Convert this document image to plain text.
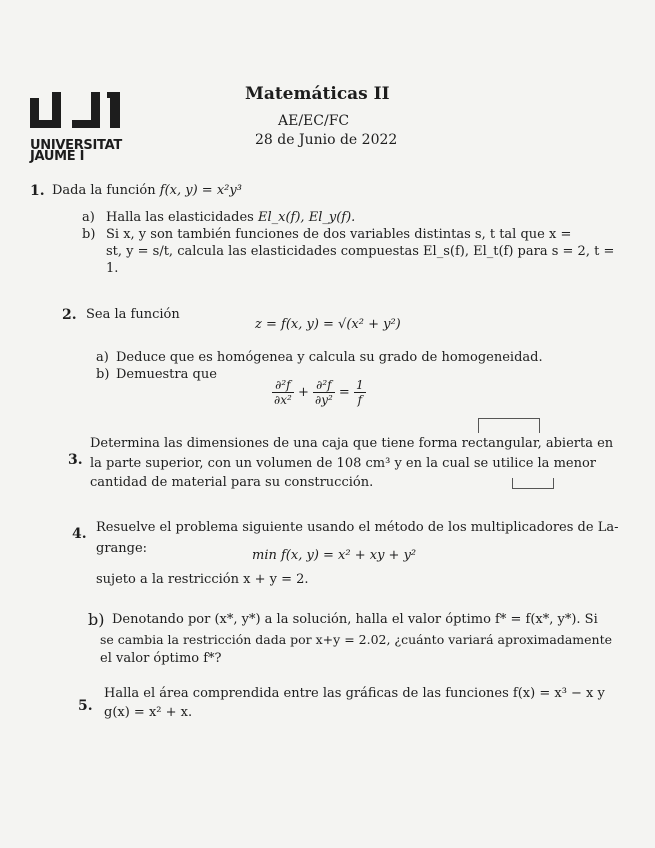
UNIVERSITAT
JAUME I
Matemáticas II
AE/EC/FC
28 de Junio de 2022
1. Dada la función f(x, y) = x²y³
a) Halla las elasticidades El_x(f), El_y(f).
b) Si x, y son también funciones de dos variables distintas s, t tal que x =
st, y = s/t, calcula las elasticidades compuestas El_s(f), El_t(f) para s = 2, t =
1.
2. Sea la función
z = f(x, y) = √(x² + y²)
a) Deduce que es homógenea y calcula su grado de homogeneidad.
b) Demuestra que
$\frac{\text{∂²f}}{\text{∂x²}} + \frac{\text{∂²f}}{\text{∂y²}} = \frac{1}{f}$
3.
Determina las dimensiones de una caja que tiene forma rectangular, abierta en
la parte superior, con un volumen de 108 cm³ y en la cual se utilice la menor
cantidad de material para su construcción.
4. Resuelve el problema siguiente usando el método de los multiplicadores de La-
grange:	min f(x, y) = x² + xy + y²
sujeto a la restricción x + y = 2.
b) Denotando por (x*, y*) a la solución, halla el valor óptimo f* = f(x*, y*). Si
se cambia la restricción dada por x+y = 2.02, ¿cuánto variará aproximadamente
el valor óptimo f*?
5.
Halla el área comprendida entre las gráficas de las funciones f(x) = x³ − x y
g(x) = x² + x.
